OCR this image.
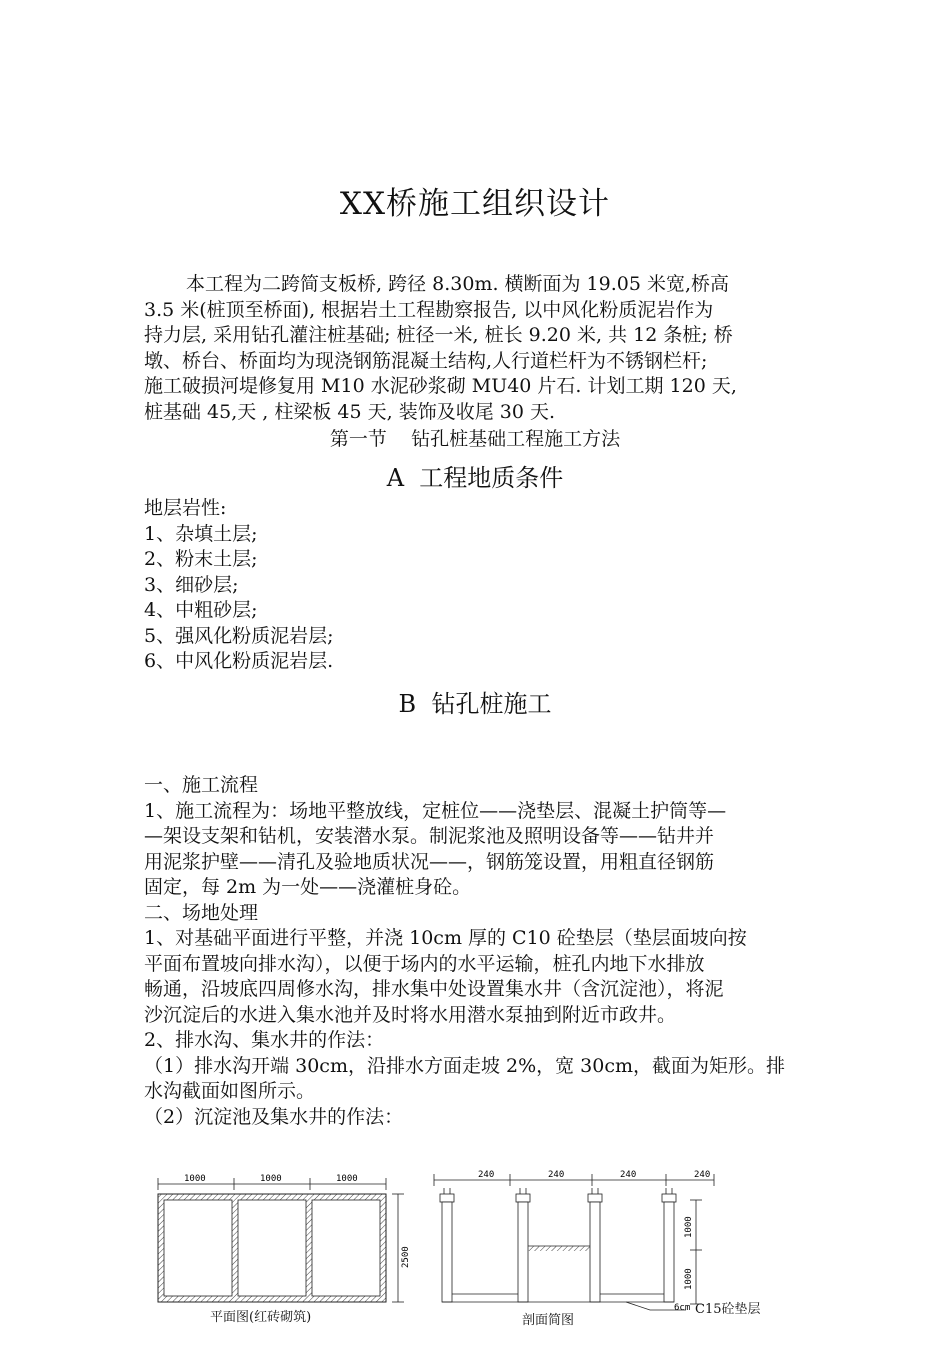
XX桥施工组织设计
本工程为二跨简支板桥, 跨径 8.30m. 横断面为 19.05 米宽,桥高
3.5 米(桩顶至桥面), 根据岩土工程勘察报告, 以中风化粉质泥岩作为
持力层, 采用钻孔灌注桩基础; 桩径一米, 桩长 9.20 米, 共 12 条桩; 桥
墩、桥台、桥面均为现浇钢筋混凝土结构,人行道栏杆为不锈钢栏杆;
施工破损河堤修复用 M10 水泥砂浆砌 MU40 片石. 计划工期 120 天,
桩基础 45,天 , 柱梁板 45 天, 装饰及收尾 30 天.
第一节    钻孔桩基础工程施工方法
A  工程地质条件
地层岩性:
1、杂填土层;
2、粉末土层;
3、细砂层;
4、中粗砂层;
5、强风化粉质泥岩层;
6、中风化粉质泥岩层.
B  钻孔桩施工
一、施工流程
1、施工流程为：场地平整放线，定桩位——浇垫层、混凝土护筒等—
—架设支架和钻机，安装潜水泵。制泥浆池及照明设备等——钻井并
用泥浆护壁——清孔及验地质状况——，钢筋笼设置，用粗直径钢筋
固定，每 2m 为一处——浇灌桩身砼。
二、场地处理
1、对基础平面进行平整，并浇 10cm 厚的 C10 砼垫层（垫层面坡向按
平面布置坡向排水沟），以便于场内的水平运输，桩孔内地下水排放
畅通，沿坡底四周修水沟，排水集中处设置集水井（含沉淀池），将泥
沙沉淀后的水进入集水池并及时将水用潜水泵抽到附近市政井。
2、排水沟、集水井的作法：
（1）排水沟开端 30cm，沿排水方面走坡 2%，宽 30cm，截面为矩形。排
水沟截面如图所示。
（2）沉淀池及集水井的作法：
1000	1000	1000
2500
240	240	240	240
1000
1000
6cm
平面图(红砖砌筑)	剖面简图
C15砼垫层
